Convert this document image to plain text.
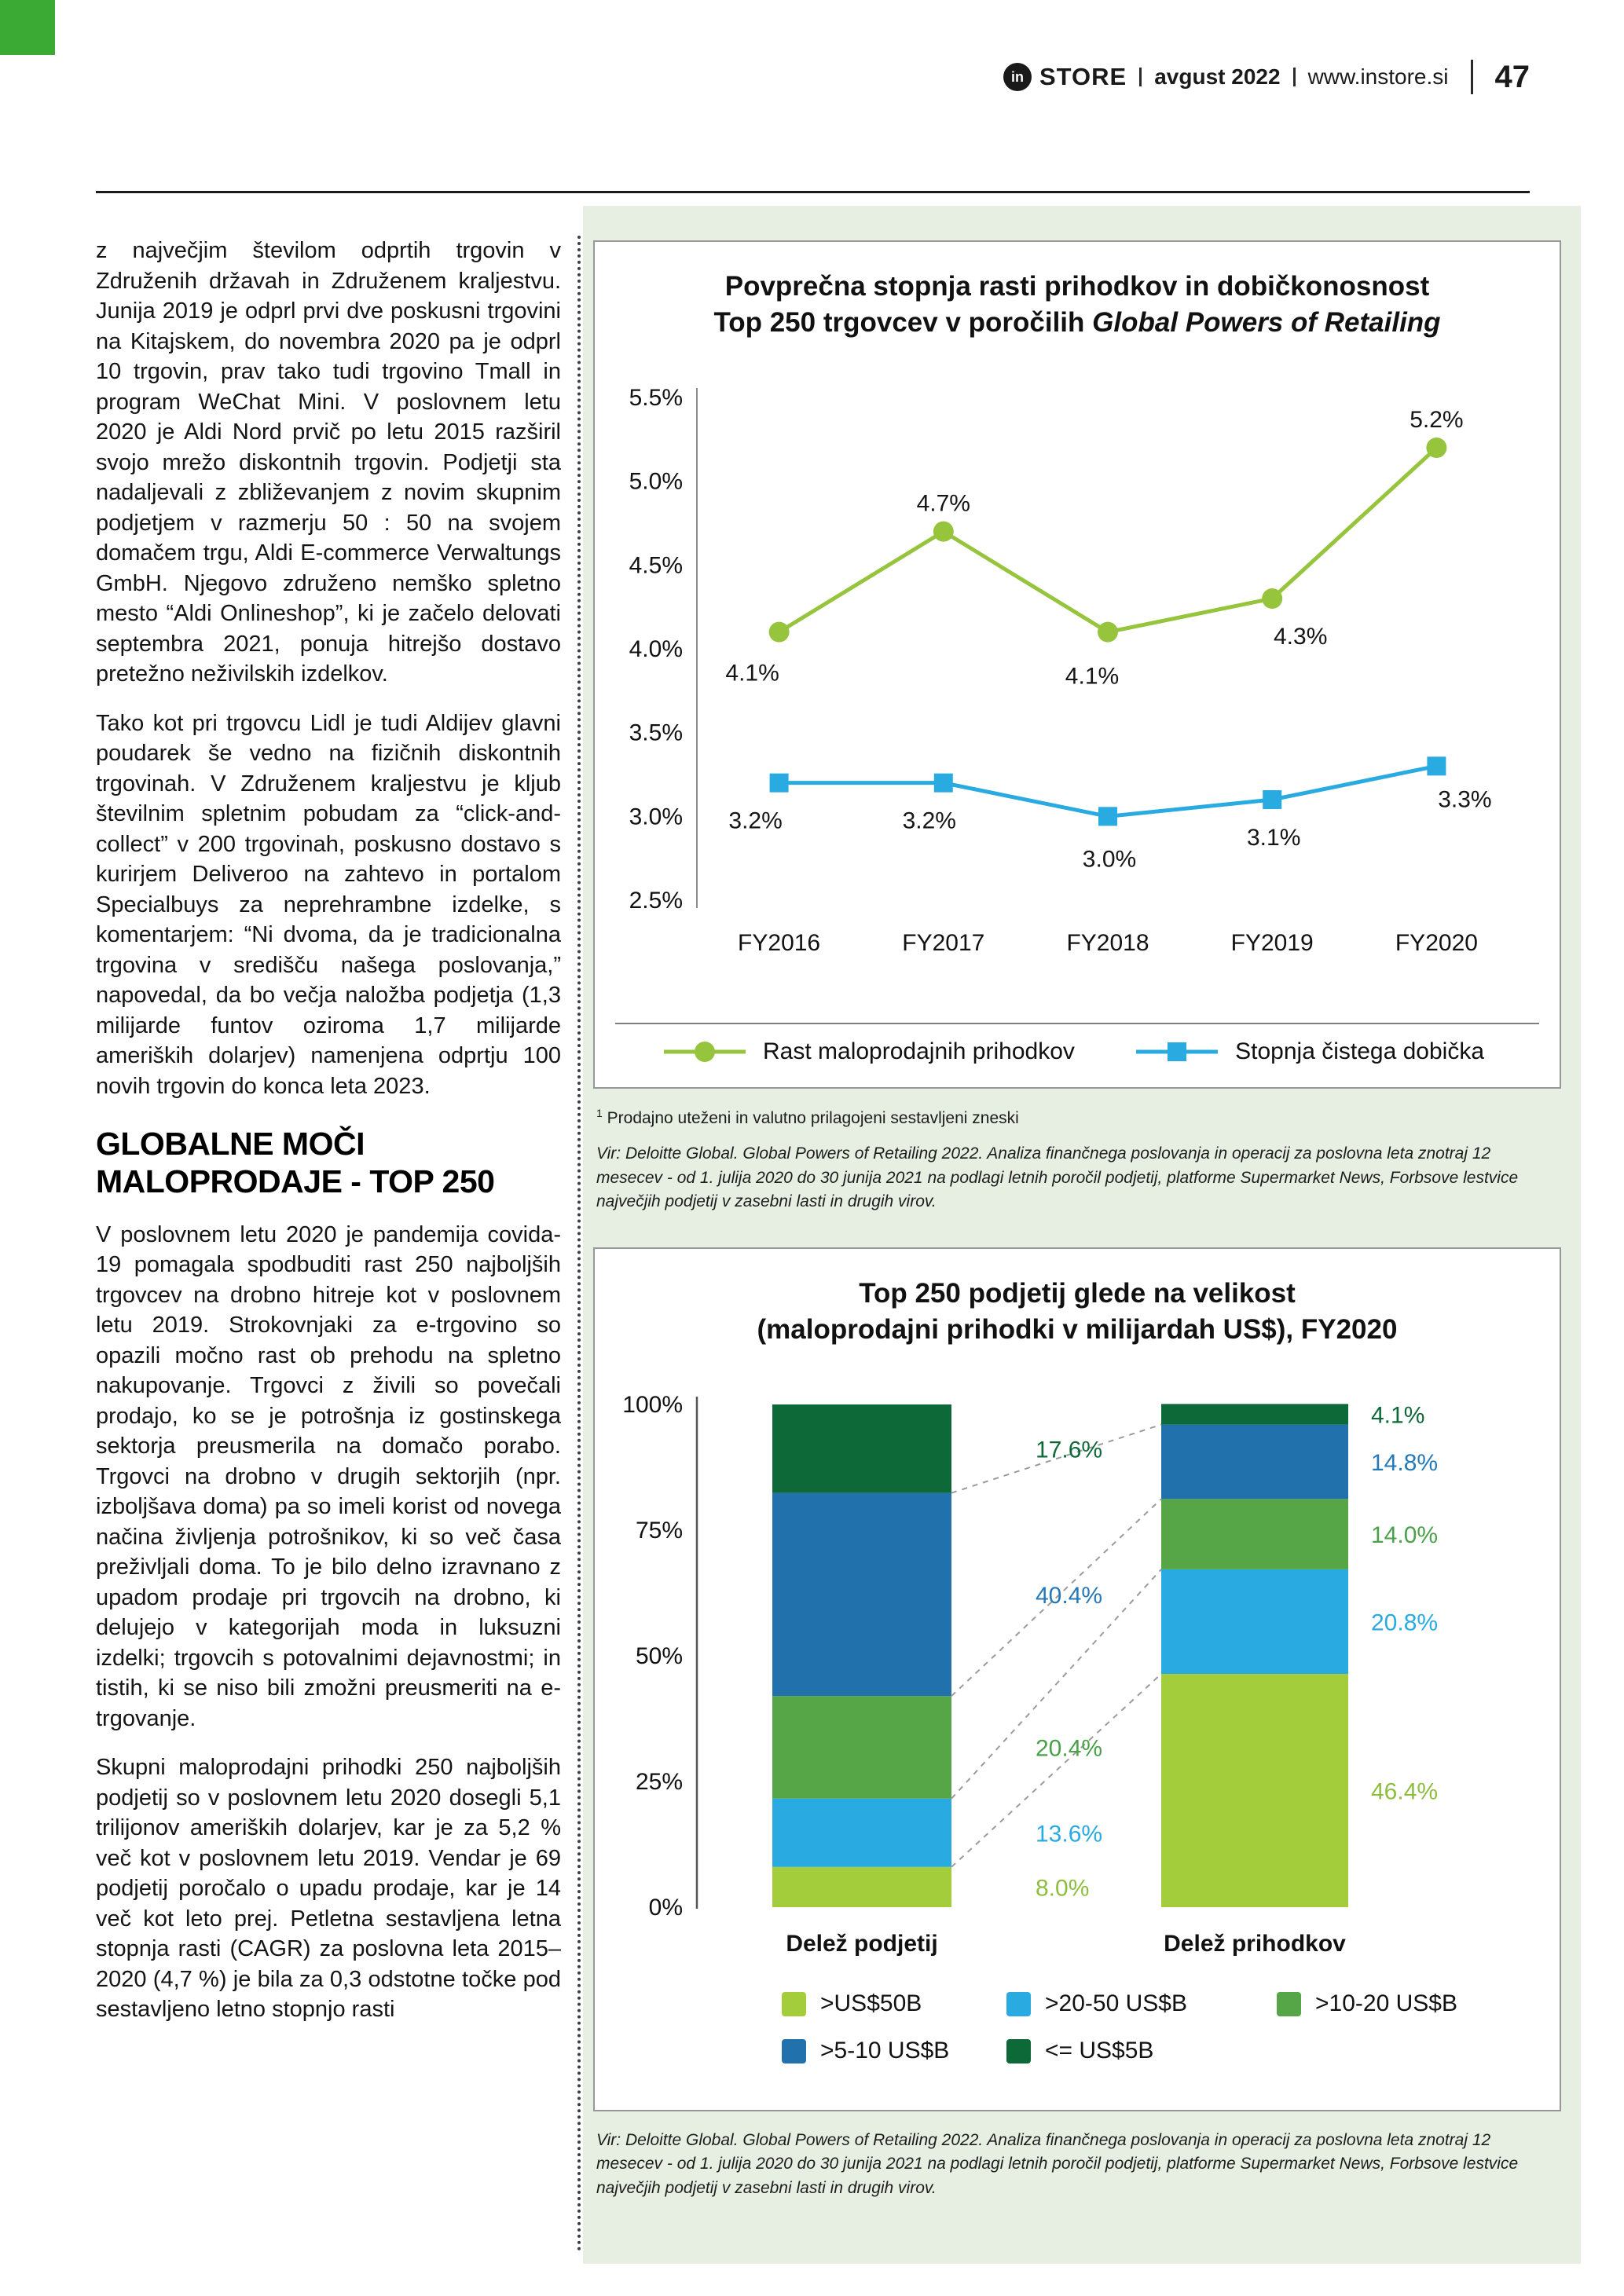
in STORE avgust 2022 www.instore.si 47

z največjim številom odprtih trgovin v Združenih državah in Združenem kraljestvu. Junija 2019 je odprl prvi dve poskusni trgovini na Kitajskem, do novembra 2020 pa je odprl 10 trgovin, prav tako tudi trgovino Tmall in program WeChat Mini. V poslovnem letu 2020 je Aldi Nord prvič po letu 2015 razširil svojo mrežo diskontnih trgovin. Podjetji sta nadaljevali z zbliževanjem z novim skupnim podjetjem v razmerju 50 : 50 na svojem domačem trgu, Aldi E-commerce Verwaltungs GmbH. Njegovo združeno nemško spletno mesto “Aldi Onlineshop”, ki je začelo delovati septembra 2021, ponuja hitrejšo dostavo pretežno neživilskih izdelkov.

Tako kot pri trgovcu Lidl je tudi Aldijev glavni poudarek še vedno na fizičnih diskontnih trgovinah. V Združenem kraljestvu je kljub številnim spletnim pobudam za “click-and-collect” v 200 trgovinah, poskusno dostavo s kurirjem Deliveroo na zahtevo in portalom Specialbuys za neprehrambne izdelke, s komentarjem: “Ni dvoma, da je tradicionalna trgovina v središču našega poslovanja,” napovedal, da bo večja naložba podjetja (1,3 milijarde funtov oziroma 1,7 milijarde ameriških dolarjev) namenjena odprtju 100 novih trgovin do konca leta 2023.

GLOBALNE MOČI MALOPRODAJE - TOP 250

V poslovnem letu 2020 je pandemija covida-19 pomagala spodbuditi rast 250 najboljših trgovcev na drobno hitreje kot v poslovnem letu 2019. Strokovnjaki za e-trgovino so opazili močno rast ob prehodu na spletno nakupovanje. Trgovci z živili so povečali prodajo, ko se je potrošnja iz gostinskega sektorja preusmerila na domačo porabo. Trgovci na drobno v drugih sektorjih (npr. izboljšava doma) pa so imeli korist od novega načina življenja potrošnikov, ki so več časa preživljali doma. To je bilo delno izravnano z upadom prodaje pri trgovcih na drobno, ki delujejo v kategorijah moda in luksuzni izdelki; trgovcih s potovalnimi dejavnostmi; in tistih, ki se niso bili zmožni preusmeriti na e-trgovanje.

Skupni maloprodajni prihodki 250 najboljših podjetij so v poslovnem letu 2020 dosegli 5,1 trilijonov ameriških dolarjev, kar je za 5,2 % več kot v poslovnem letu 2019. Vendar je 69 podjetij poročalo o upadu prodaje, kar je 14 več kot leto prej. Petletna sestavljena letna stopnja rasti (CAGR) za poslovna leta 2015–2020 (4,7 %) je bila za 0,3 odstotne točke pod sestavljeno letno stopnjo rasti

Povprečna stopnja rasti prihodkov in dobičkonosnost
Top 250 trgovcev v poročilih Global Powers of Retailing
2.5%
3.0%
3.5%
4.0%
4.5%
5.0%
5.5%
FY2016	FY2017	FY2018	FY2019	FY2020
4.1%
4.7%
4.1%
4.3%
5.2%
3.2%	3.2%
3.0%
3.1%
3.3%
Rast maloprodajnih prihodkov	Stopnja čistega dobička

$^1$ Prodajno uteženi in valutno prilagojeni sestavljeni zneski

Vir: Deloitte Global. Global Powers of Retailing 2022. Analiza finančnega poslovanja in operacij za poslovna leta znotraj 12 mesecev - od 1. julija 2020 do 30 junija 2021 na podlagi letnih poročil podjetij, platforme Supermarket News, Forbsove lestvice največjih podjetij v zasebni lasti in drugih virov.

Top 250 podjetij glede na velikost
(maloprodajni prihodki v milijardah US$), FY2020
0%
25%
50%
75%
100%
Delež podjetij	Delež prihodkov
8.0%
13.6%
20.4%
40.4%
17.6%
46.4%
20.8%
14.0%
14.8%
4.1%
>US$50B	>20-50 US$B	>10-20 US$B
>5-10 US$B	<= US$5B

Vir: Deloitte Global. Global Powers of Retailing 2022. Analiza finančnega poslovanja in operacij za poslovna leta znotraj 12 mesecev - od 1. julija 2020 do 30 junija 2021 na podlagi letnih poročil podjetij, platforme Supermarket News, Forbsove lestvice največjih podjetij v zasebni lasti in drugih virov.
